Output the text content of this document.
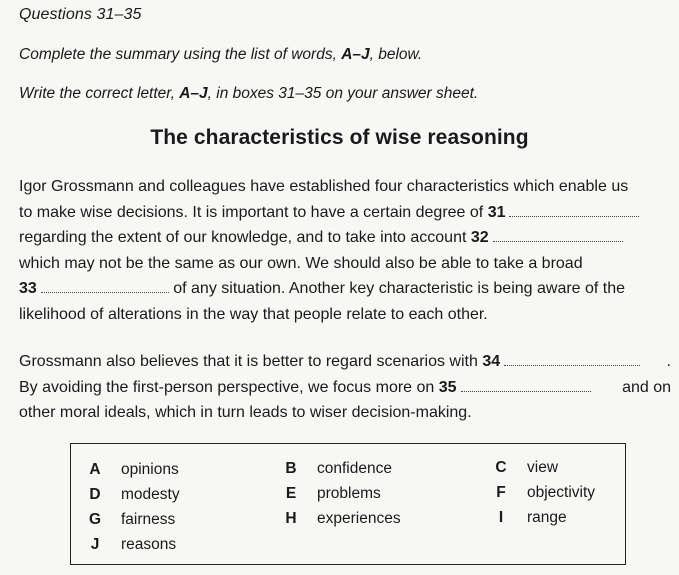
Questions 31–35
Complete the summary using the list of words, A–J, below.
Write the correct letter, A–J, in boxes 31–35 on your answer sheet.
The characteristics of wise reasoning
Igor Grossmann and colleagues have established four characteristics which enable us
to make wise decisions. It is important to have a certain degree of 31
regarding the extent of our knowledge, and to take into account 32
which may not be the same as our own. We should also be able to take a broad
33	of any situation. Another key characteristic is being aware of the
likelihood of alterations in the way that people relate to each other.
Grossmann also believes that it is better to regard scenarios with 34	.
By avoiding the first-person perspective, we focus more on 35	and on
other moral ideals, which in turn leads to wiser decision-making.
A opinions
D modesty
G fairness
J reasons
B confidence
E problems
H experiences
C view
F objectivity
I range
